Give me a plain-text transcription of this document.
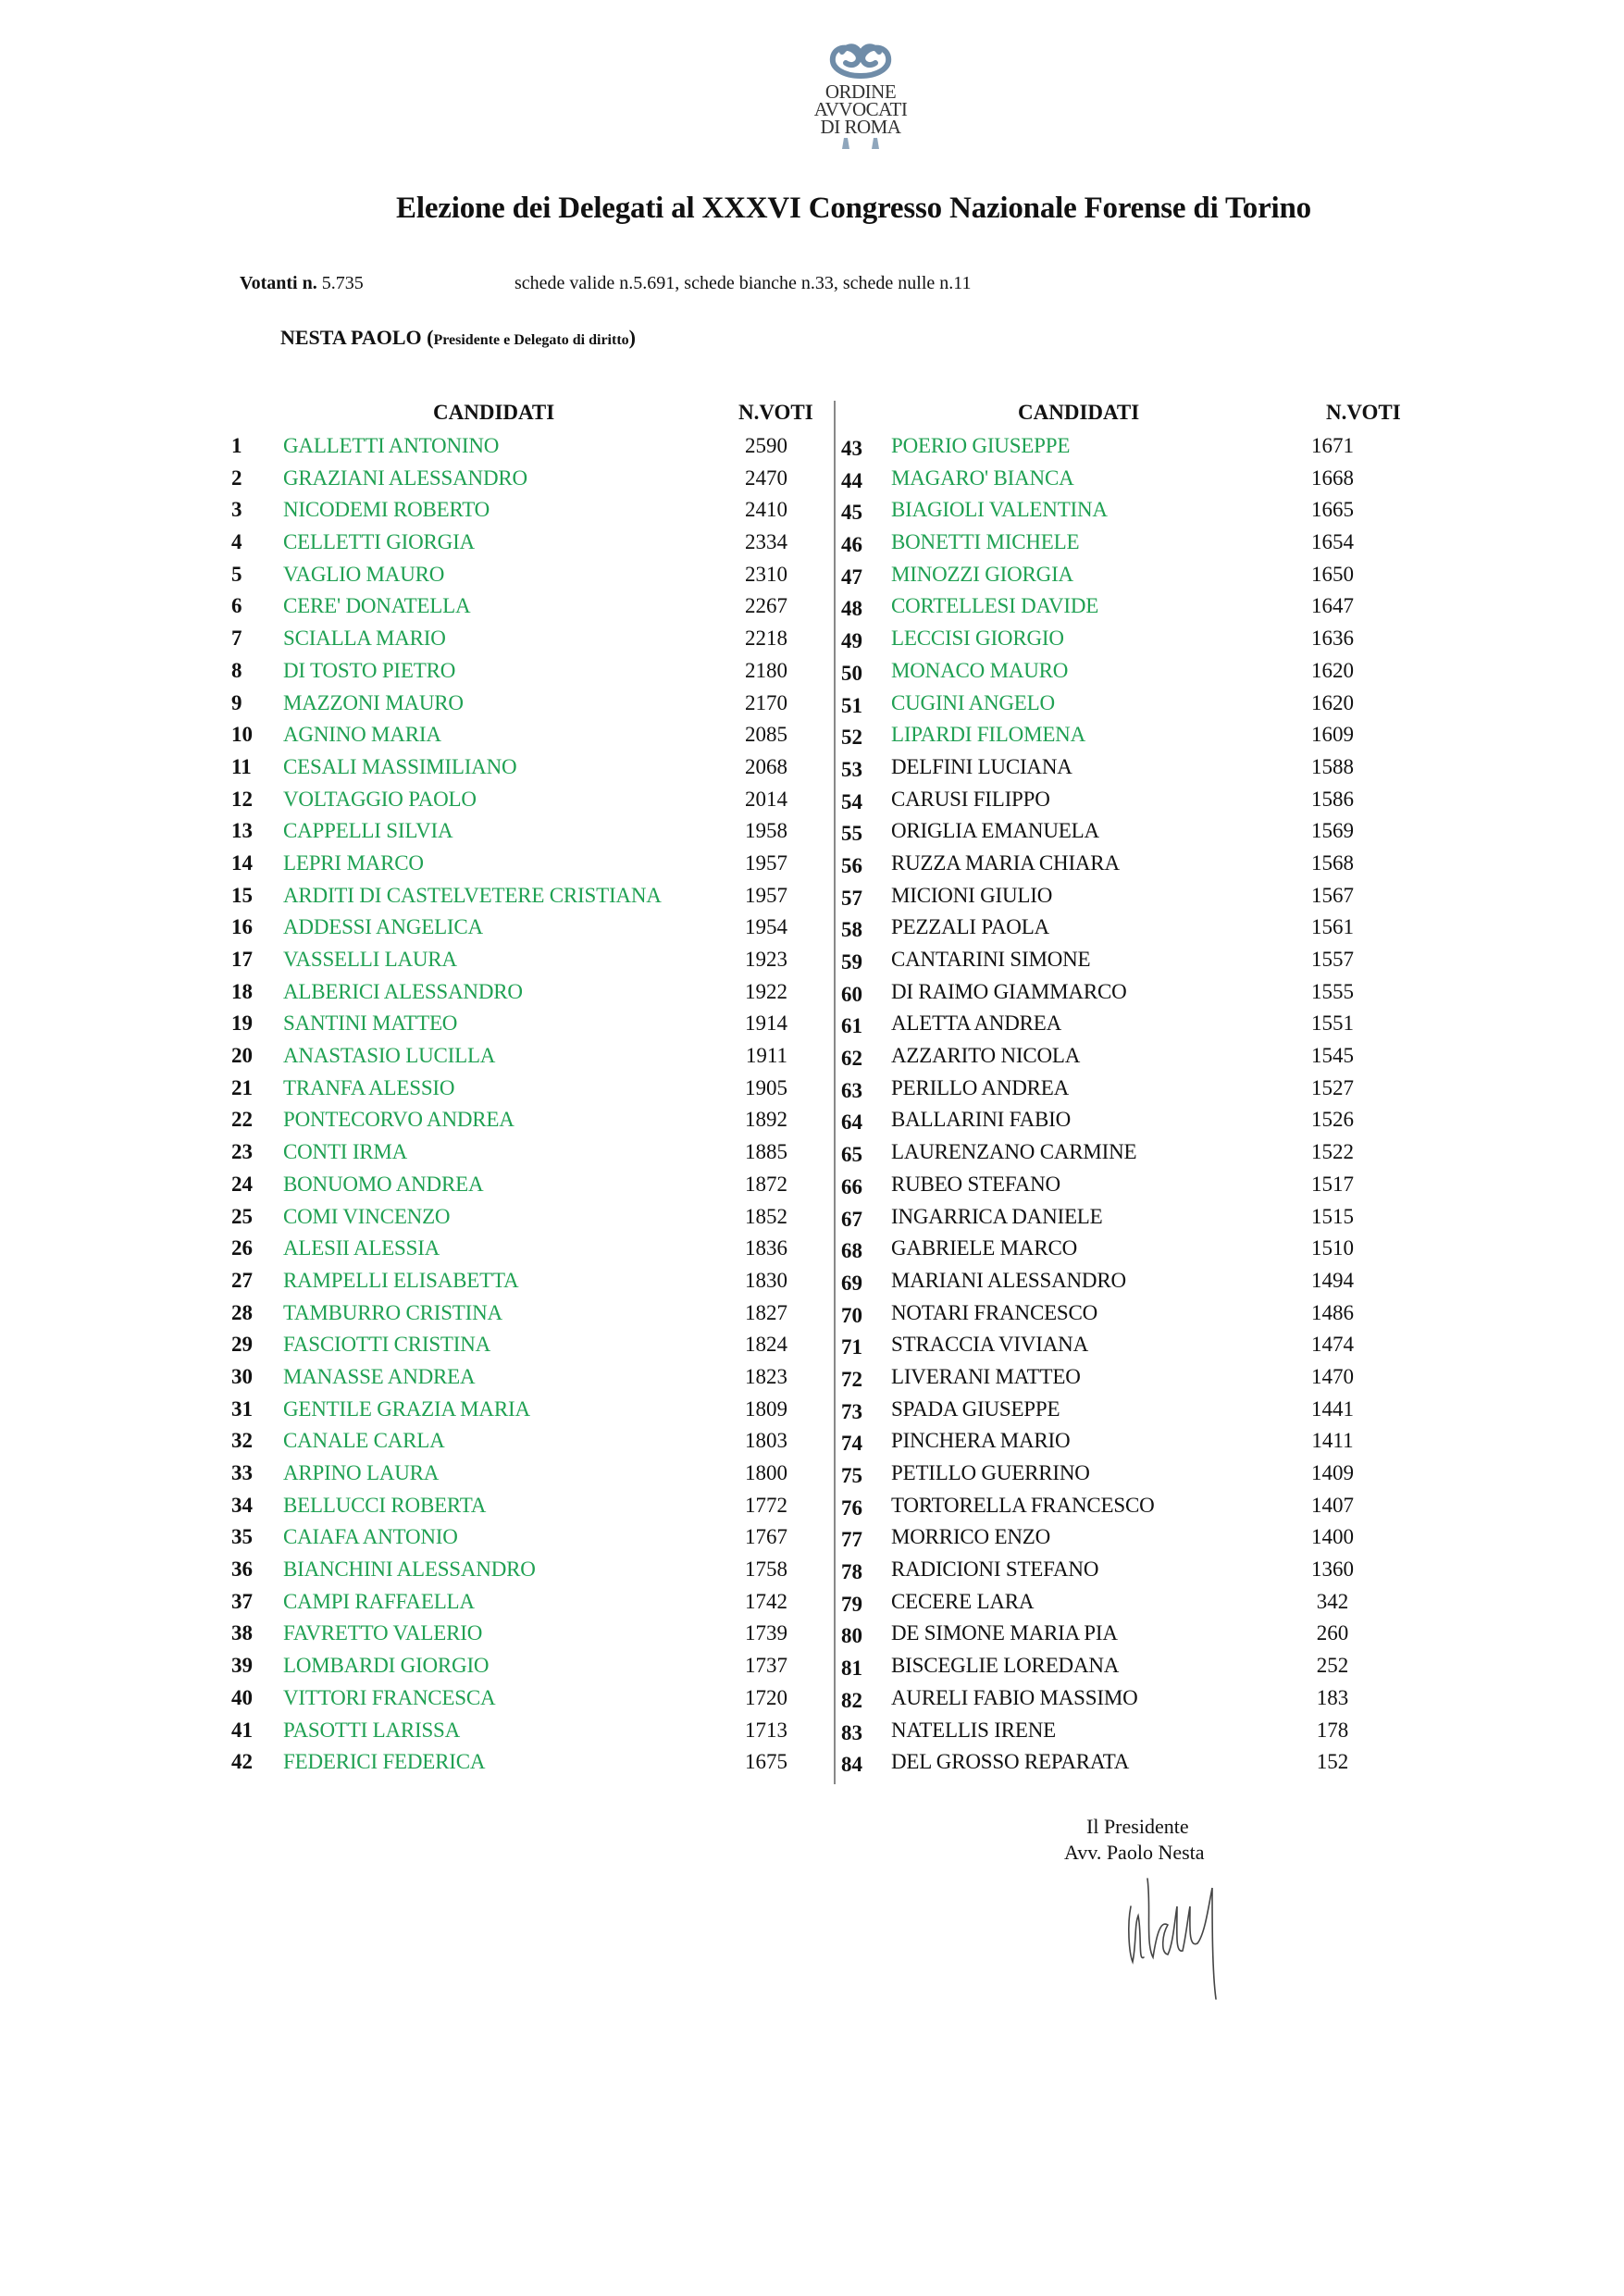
ORDINE
AVVOCATI
DI ROMA
Elezione dei Delegati al XXXVI Congresso Nazionale Forense di Torino
Votanti n. 5.735	schede valide n.5.691, schede bianche n.33, schede nulle n.11
NESTA PAOLO (Presidente e Delegato di diritto)
CANDIDATI	N.VOTI
1	GALLETTI ANTONINO	2590
2	GRAZIANI ALESSANDRO	2470
3	NICODEMI ROBERTO	2410
4	CELLETTI GIORGIA	2334
5	VAGLIO MAURO	2310
6	CERE' DONATELLA	2267
7	SCIALLA MARIO	2218
8	DI TOSTO PIETRO	2180
9	MAZZONI MAURO	2170
10	AGNINO MARIA	2085
11	CESALI MASSIMILIANO	2068
12	VOLTAGGIO PAOLO	2014
13	CAPPELLI SILVIA	1958
14	LEPRI MARCO	1957
15	ARDITI DI CASTELVETERE CRISTIANA	1957
16	ADDESSI ANGELICA	1954
17	VASSELLI LAURA	1923
18	ALBERICI ALESSANDRO	1922
19	SANTINI MATTEO	1914
20	ANASTASIO LUCILLA	1911
21	TRANFA ALESSIO	1905
22	PONTECORVO ANDREA	1892
23	CONTI IRMA	1885
24	BONUOMO ANDREA	1872
25	COMI VINCENZO	1852
26	ALESII ALESSIA	1836
27	RAMPELLI ELISABETTA	1830
28	TAMBURRO CRISTINA	1827
29	FASCIOTTI CRISTINA	1824
30	MANASSE ANDREA	1823
31	GENTILE GRAZIA MARIA	1809
32	CANALE CARLA	1803
33	ARPINO LAURA	1800
34	BELLUCCI ROBERTA	1772
35	CAIAFA ANTONIO	1767
36	BIANCHINI ALESSANDRO	1758
37	CAMPI RAFFAELLA	1742
38	FAVRETTO VALERIO	1739
39	LOMBARDI GIORGIO	1737
40	VITTORI FRANCESCA	1720
41	PASOTTI LARISSA	1713
42	FEDERICI FEDERICA	1675
CANDIDATI	N.VOTI
43	POERIO GIUSEPPE	1671
44	MAGARO' BIANCA	1668
45	BIAGIOLI VALENTINA	1665
46	BONETTI MICHELE	1654
47	MINOZZI GIORGIA	1650
48	CORTELLESI DAVIDE	1647
49	LECCISI GIORGIO	1636
50	MONACO MAURO	1620
51	CUGINI ANGELO	1620
52	LIPARDI FILOMENA	1609
53	DELFINI LUCIANA	1588
54	CARUSI FILIPPO	1586
55	ORIGLIA EMANUELA	1569
56	RUZZA MARIA CHIARA	1568
57	MICIONI GIULIO	1567
58	PEZZALI PAOLA	1561
59	CANTARINI SIMONE	1557
60	DI RAIMO GIAMMARCO	1555
61	ALETTA ANDREA	1551
62	AZZARITO NICOLA	1545
63	PERILLO ANDREA	1527
64	BALLARINI FABIO	1526
65	LAURENZANO CARMINE	1522
66	RUBEO STEFANO	1517
67	INGARRICA DANIELE	1515
68	GABRIELE MARCO	1510
69	MARIANI ALESSANDRO	1494
70	NOTARI FRANCESCO	1486
71	STRACCIA VIVIANA	1474
72	LIVERANI MATTEO	1470
73	SPADA GIUSEPPE	1441
74	PINCHERA MARIO	1411
75	PETILLO GUERRINO	1409
76	TORTORELLA FRANCESCO	1407
77	MORRICO ENZO	1400
78	RADICIONI STEFANO	1360
79	CECERE LARA	342
80	DE SIMONE MARIA PIA	260
81	BISCEGLIE LOREDANA	252
82	AURELI FABIO MASSIMO	183
83	NATELLIS IRENE	178
84	DEL GROSSO REPARATA	152
Il Presidente
Avv. Paolo Nesta
